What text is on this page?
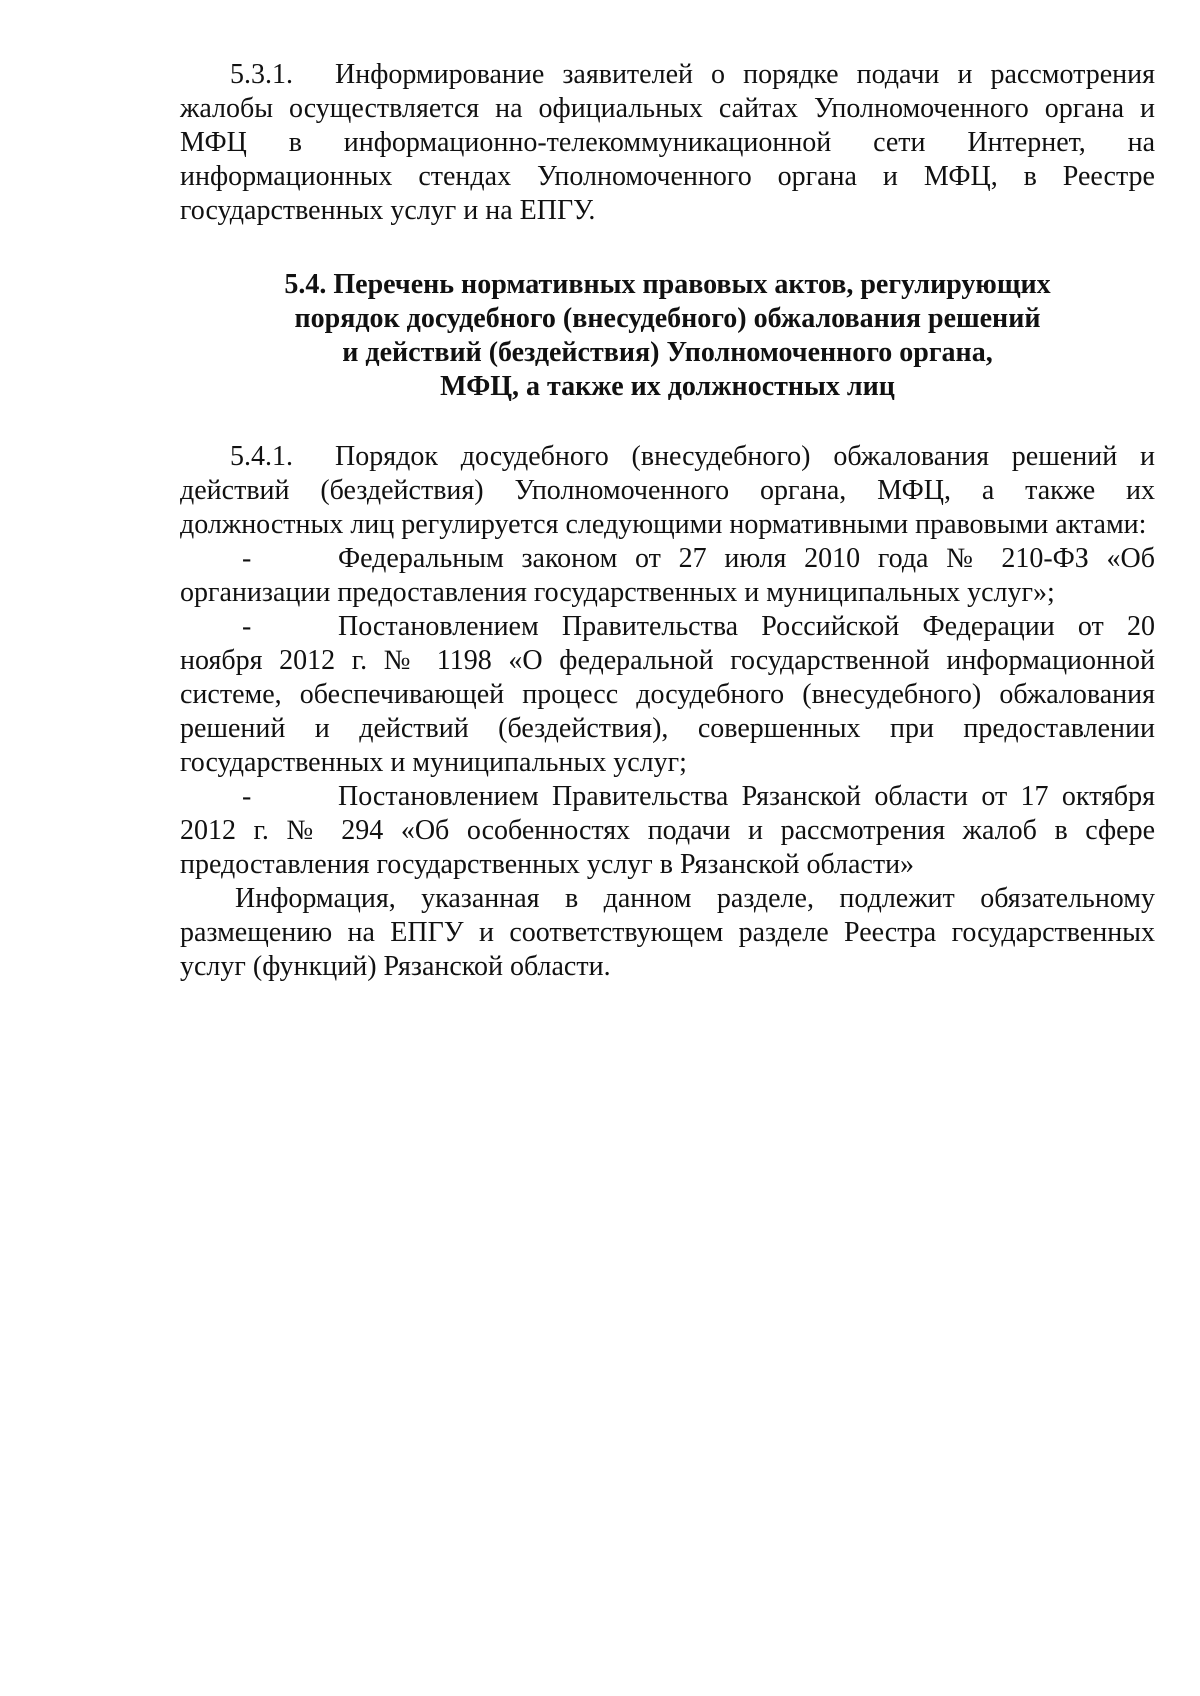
5.3.1. Информирование заявителей о порядке подачи и рассмотрения жалобы осуществляется на официальных сайтах Уполномоченного органа и МФЦ в информационно-телекоммуникационной сети Интернет, на информационных стендах Уполномоченного органа и МФЦ, в Реестре государственных услуг и на ЕПГУ.

5.4. Перечень нормативных правовых актов, регулирующих
порядок досудебного (внесудебного) обжалования решений
и действий (бездействия) Уполномоченного органа,
МФЦ, а также их должностных лиц

5.4.1. Порядок досудебного (внесудебного) обжалования решений и действий (бездействия) Уполномоченного органа, МФЦ, а также их должностных лиц регулируется следующими нормативными правовыми актами:

-	Федеральным законом от 27 июля 2010 года № 210-ФЗ «Об организации предоставления государственных и муниципальных услуг»;

-	Постановлением Правительства Российской Федерации от 20 ноября 2012 г. № 1198 «О федеральной государственной информационной системе, обеспечивающей процесс досудебного (внесудебного) обжалования решений и действий (бездействия), совершенных при предоставлении государственных и муниципальных услуг;

-	Постановлением Правительства Рязанской области от 17 октября 2012 г. № 294 «Об особенностях подачи и рассмотрения жалоб в сфере предоставления государственных услуг в Рязанской области»

Информация, указанная в данном разделе, подлежит обязательному размещению на ЕПГУ и соответствующем разделе Реестра государственных услуг (функций) Рязанской области.
